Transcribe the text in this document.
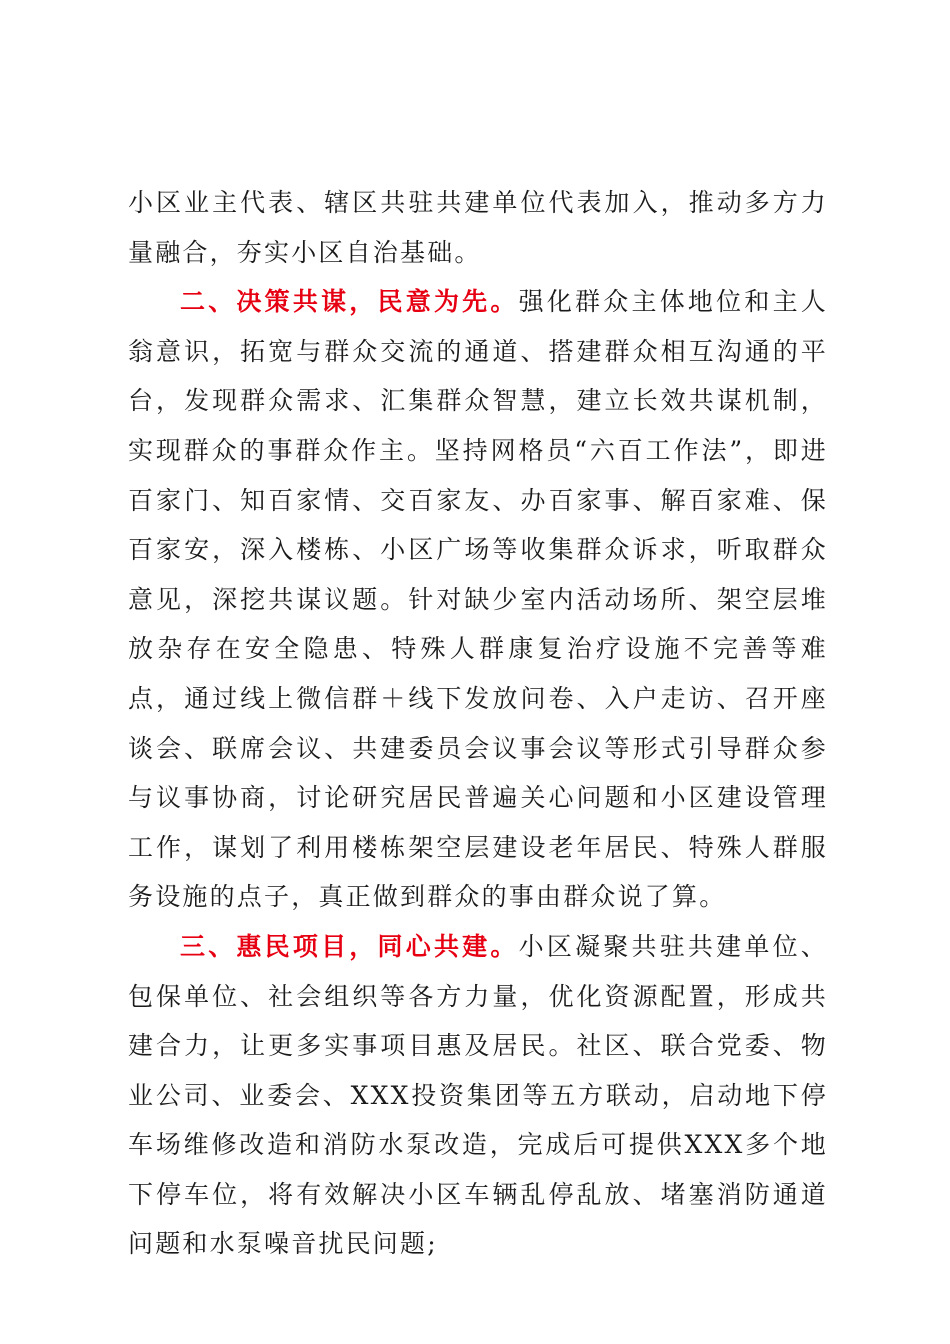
小区业主代表、辖区共驻共建单位代表加入，推动多方力量融合，夯实小区自治基础。

二、决策共谋，民意为先。强化群众主体地位和主人翁意识，拓宽与群众交流的通道、搭建群众相互沟通的平台，发现群众需求、汇集群众智慧，建立长效共谋机制，实现群众的事群众作主。坚持网格员“六百工作法”，即进百家门、知百家情、交百家友、办百家事、解百家难、保百家安，深入楼栋、小区广场等收集群众诉求，听取群众意见，深挖共谋议题。针对缺少室内活动场所、架空层堆放杂存在安全隐患、特殊人群康复治疗设施不完善等难点，通过线上微信群＋线下发放问卷、入户走访、召开座谈会、联席会议、共建委员会议事会议等形式引导群众参与议事协商，讨论研究居民普遍关心问题和小区建设管理工作，谋划了利用楼栋架空层建设老年居民、特殊人群服务设施的点子，真正做到群众的事由群众说了算。

三、惠民项目，同心共建。小区凝聚共驻共建单位、包保单位、社会组织等各方力量，优化资源配置，形成共建合力，让更多实事项目惠及居民。社区、联合党委、物业公司、业委会、XXX投资集团等五方联动，启动地下停车场维修改造和消防水泵改造，完成后可提供XXX多个地下停车位，将有效解决小区车辆乱停乱放、堵塞消防通道问题和水泵噪音扰民问题;
